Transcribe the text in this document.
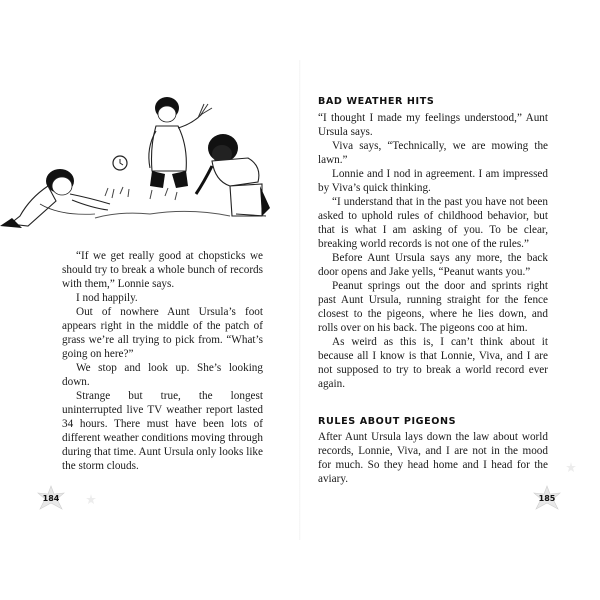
“If we get really good at chopsticks we should try to break a whole bunch of records with them,” Lonnie says.

I nod happily.

Out of nowhere Aunt Ursula’s foot appears right in the middle of the patch of grass we’re all trying to pick from. “What’s going on here?”

We stop and look up. She’s looking down.

Strange but true, the longest uninterrupted live TV weather report lasted 34 hours. There must have been lots of different weather conditions moving through during that time. Aunt Ursula only looks like the storm clouds.

184
BAD WEATHER HITS

“I thought I made my feelings understood,” Aunt Ursula says.

Viva says, “Technically, we are mowing the lawn.”

Lonnie and I nod in agreement. I am impressed by Viva’s quick thinking.

“I understand that in the past you have not been asked to uphold rules of childhood behavior, but that is what I am asking of you. To be clear, breaking world records is not one of the rules.”

Before Aunt Ursula says any more, the back door opens and Jake yells, “Peanut wants you.”

Peanut springs out the door and sprints right past Aunt Ursula, running straight for the fence closest to the pigeons, where he lies down, and rolls over on his back. The pigeons coo at him.

As weird as this is, I can’t think about it because all I know is that Lonnie, Viva, and I are not supposed to try to break a world record ever again.

RULES ABOUT PIGEONS

After Aunt Ursula lays down the law about world records, Lonnie, Viva, and I are not in the mood for much. So they head home and I head for the aviary.

185
